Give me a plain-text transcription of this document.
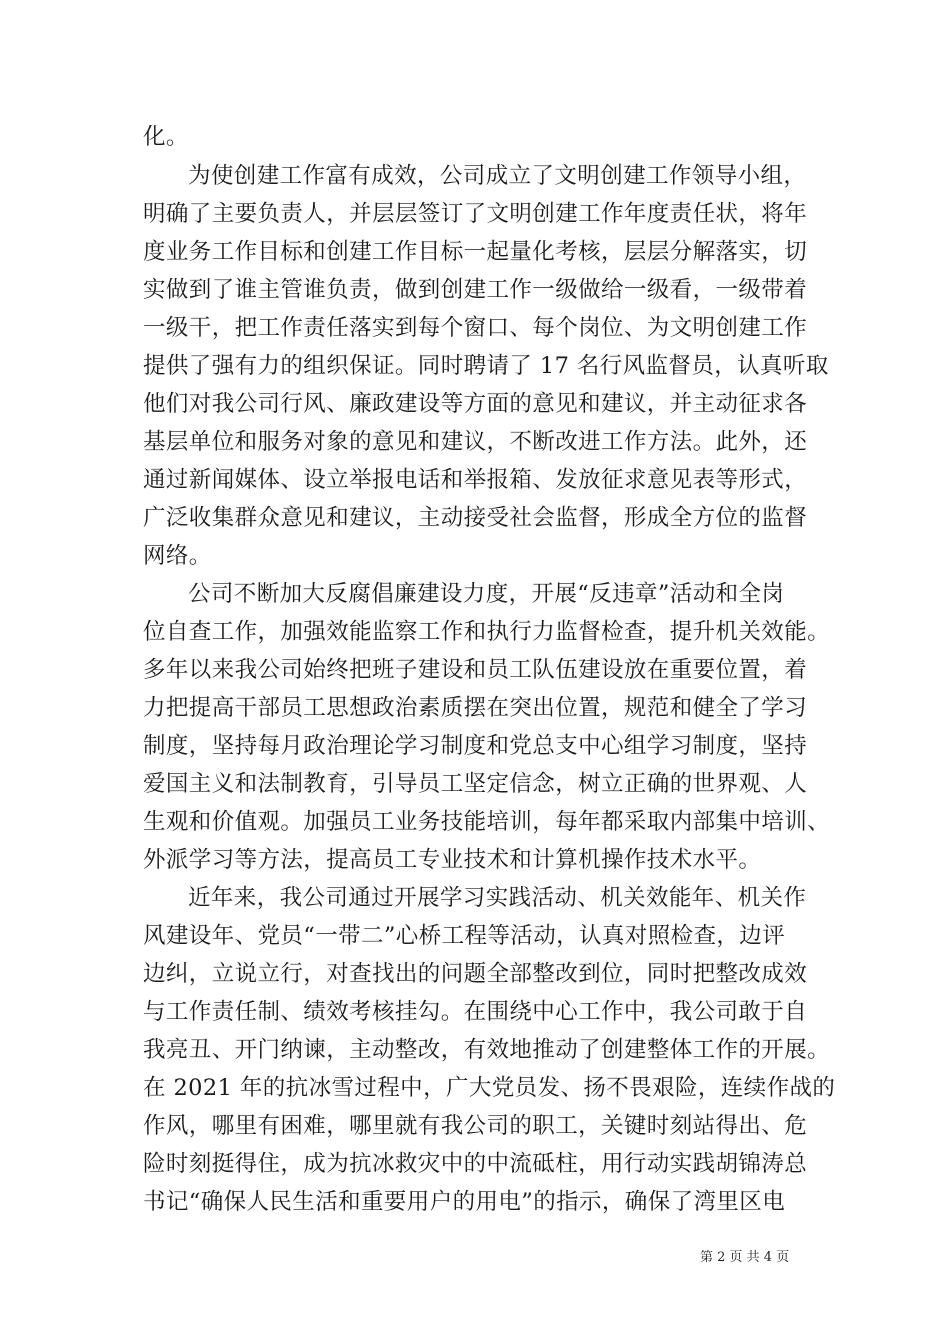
化。
为使创建工作富有成效，公司成立了文明创建工作领导小组，
明确了主要负责人，并层层签订了文明创建工作年度责任状，将年
度业务工作目标和创建工作目标一起量化考核，层层分解落实，切
实做到了谁主管谁负责，做到创建工作一级做给一级看，一级带着
一级干，把工作责任落实到每个窗口、每个岗位、为文明创建工作
提供了强有力的组织保证。同时聘请了 17 名行风监督员，认真听取
他们对我公司行风、廉政建设等方面的意见和建议，并主动征求各
基层单位和服务对象的意见和建议，不断改进工作方法。此外，还
通过新闻媒体、设立举报电话和举报箱、发放征求意见表等形式，
广泛收集群众意见和建议，主动接受社会监督，形成全方位的监督
网络。
公司不断加大反腐倡廉建设力度，开展“反违章”活动和全岗
位自查工作，加强效能监察工作和执行力监督检查，提升机关效能。
多年以来我公司始终把班子建设和员工队伍建设放在重要位置，着
力把提高干部员工思想政治素质摆在突出位置，规范和健全了学习
制度，坚持每月政治理论学习制度和党总支中心组学习制度，坚持
爱国主义和法制教育，引导员工坚定信念，树立正确的世界观、人
生观和价值观。加强员工业务技能培训，每年都采取内部集中培训、
外派学习等方法，提高员工专业技术和计算机操作技术水平。
近年来，我公司通过开展学习实践活动、机关效能年、机关作
风建设年、党员“一带二”心桥工程等活动，认真对照检查，边评
边纠，立说立行，对查找出的问题全部整改到位，同时把整改成效
与工作责任制、绩效考核挂勾。在围绕中心工作中，我公司敢于自
我亮丑、开门纳谏，主动整改，有效地推动了创建整体工作的开展。
在 2021 年的抗冰雪过程中，广大党员发、扬不畏艰险，连续作战的
作风，哪里有困难，哪里就有我公司的职工，关键时刻站得出、危
险时刻挺得住，成为抗冰救灾中的中流砥柱，用行动实践胡锦涛总
书记“确保人民生活和重要用户的用电”的指示，确保了湾里区电
第 2 页 共 4 页
